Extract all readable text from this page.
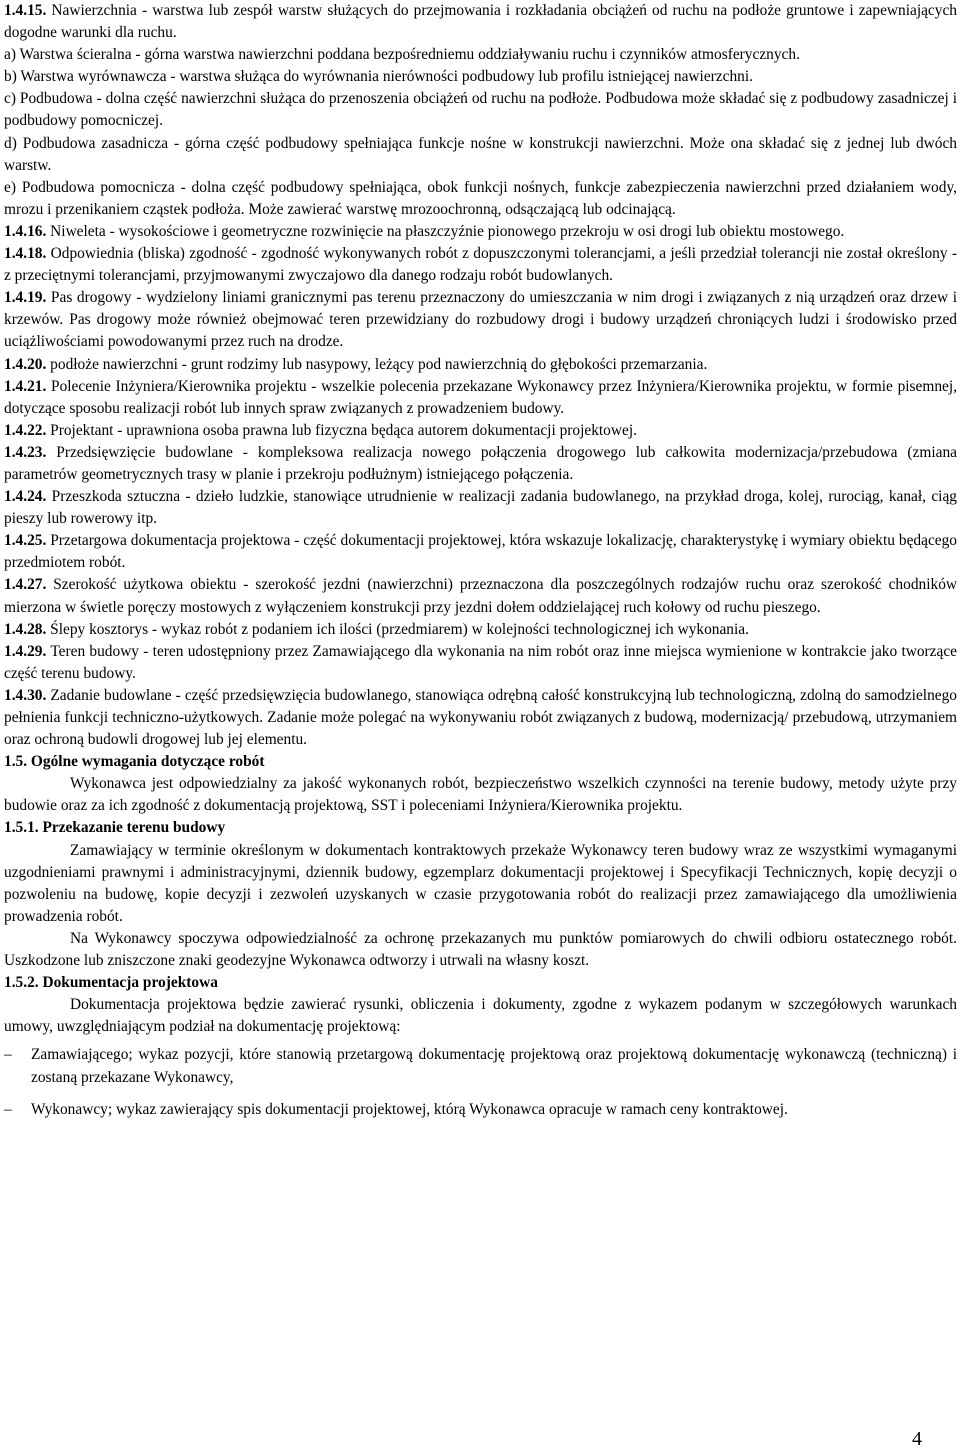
1.4.15. Nawierzchnia - warstwa lub zespół warstw służących do przejmowania i rozkładania obciążeń od ruchu na podłoże gruntowe i zapewniających dogodne warunki dla ruchu.

a) Warstwa ścieralna - górna warstwa nawierzchni poddana bezpośredniemu oddziaływaniu ruchu i czynników atmosferycznych.

b) Warstwa wyrównawcza - warstwa służąca do wyrównania nierówności podbudowy lub profilu istniejącej nawierzchni.

c) Podbudowa - dolna część nawierzchni służąca do przenoszenia obciążeń od ruchu na podłoże. Podbudowa może składać się z podbudowy zasadniczej i podbudowy pomocniczej.

d) Podbudowa zasadnicza - górna część podbudowy spełniająca funkcje nośne w konstrukcji nawierzchni. Może ona składać się z jednej lub dwóch warstw.

e) Podbudowa pomocnicza - dolna część podbudowy spełniająca, obok funkcji nośnych, funkcje zabezpieczenia nawierzchni przed działaniem wody, mrozu i przenikaniem cząstek podłoża. Może zawierać warstwę mrozoochronną, odsączającą lub odcinającą.

1.4.16. Niweleta - wysokościowe i geometryczne rozwinięcie na płaszczyźnie pionowego przekroju w osi drogi lub obiektu mostowego.

1.4.18. Odpowiednia (bliska) zgodność - zgodność wykonywanych robót z dopuszczonymi tolerancjami, a jeśli przedział tolerancji nie został określony - z przeciętnymi tolerancjami, przyjmowanymi zwyczajowo dla danego rodzaju robót budowlanych.

1.4.19. Pas drogowy - wydzielony liniami granicznymi pas terenu przeznaczony do umieszczania w nim drogi i związanych z nią urządzeń oraz drzew i krzewów. Pas drogowy może również obejmować teren przewidziany do rozbudowy drogi i budowy urządzeń chroniących ludzi i środowisko przed uciążliwościami powodowanymi przez ruch na drodze.

1.4.20. podłoże nawierzchni - grunt rodzimy lub nasypowy, leżący pod nawierzchnią do głębokości przemarzania.

1.4.21. Polecenie Inżyniera/Kierownika projektu - wszelkie polecenia przekazane Wykonawcy przez Inżyniera/Kierownika projektu, w formie pisemnej, dotyczące sposobu realizacji robót lub innych spraw związanych z prowadzeniem budowy.

1.4.22. Projektant - uprawniona osoba prawna lub fizyczna będąca autorem dokumentacji projektowej.

1.4.23. Przedsięwzięcie budowlane - kompleksowa realizacja nowego połączenia drogowego lub całkowita modernizacja/przebudowa (zmiana parametrów geometrycznych trasy w planie i przekroju podłużnym) istniejącego połączenia.

1.4.24. Przeszkoda sztuczna - dzieło ludzkie, stanowiące utrudnienie w realizacji zadania budowlanego, na przykład droga, kolej, rurociąg, kanał, ciąg pieszy lub rowerowy itp.

1.4.25. Przetargowa dokumentacja projektowa - część dokumentacji projektowej, która wskazuje lokalizację, charakterystykę i wymiary obiektu będącego przedmiotem robót.

1.4.27. Szerokość użytkowa obiektu - szerokość jezdni (nawierzchni) przeznaczona dla poszczególnych rodzajów ruchu oraz szerokość chodników mierzona w świetle poręczy mostowych z wyłączeniem konstrukcji przy jezdni dołem oddzielającej ruch kołowy od ruchu pieszego.

1.4.28. Ślepy kosztorys - wykaz robót z podaniem ich ilości (przedmiarem) w kolejności technologicznej ich wykonania.

1.4.29. Teren budowy - teren udostępniony przez Zamawiającego dla wykonania na nim robót oraz inne miejsca wymienione w kontrakcie jako tworzące część terenu budowy.

1.4.30. Zadanie budowlane - część przedsięwzięcia budowlanego, stanowiąca odrębną całość konstrukcyjną lub technologiczną, zdolną do samodzielnego pełnienia funkcji techniczno-użytkowych. Zadanie może polegać na wykonywaniu robót związanych z budową, modernizacją/ przebudową, utrzymaniem oraz ochroną budowli drogowej lub jej elementu.

1.5. Ogólne wymagania dotyczące robót

Wykonawca jest odpowiedzialny za jakość wykonanych robót, bezpieczeństwo wszelkich czynności na terenie budowy, metody użyte przy budowie oraz za ich zgodność z dokumentacją projektową, SST i poleceniami Inżyniera/Kierownika projektu.

1.5.1. Przekazanie terenu budowy

Zamawiający w terminie określonym w dokumentach kontraktowych przekaże Wykonawcy teren budowy wraz ze wszystkimi wymaganymi uzgodnieniami prawnymi i administracyjnymi, dziennik budowy, egzemplarz dokumentacji projektowej i Specyfikacji Technicznych, kopię decyzji o pozwoleniu na budowę, kopie decyzji i zezwoleń uzyskanych w czasie przygotowania robót do realizacji przez zamawiającego dla umożliwienia prowadzenia robót.

Na Wykonawcy spoczywa odpowiedzialność za ochronę przekazanych mu punktów pomiarowych do chwili odbioru ostatecznego robót. Uszkodzone lub zniszczone znaki geodezyjne Wykonawca odtworzy i utrwali na własny koszt.

1.5.2. Dokumentacja projektowa

Dokumentacja projektowa będzie zawierać rysunki, obliczenia i dokumenty, zgodne z wykazem podanym w szczegółowych warunkach umowy, uwzględniającym podział na dokumentację projektową:

– Zamawiającego; wykaz pozycji, które stanowią przetargową dokumentację projektową oraz projektową dokumentację wykonawczą (techniczną) i zostaną przekazane Wykonawcy,

– Wykonawcy; wykaz zawierający spis dokumentacji projektowej, którą Wykonawca opracuje w ramach ceny kontraktowej.

4
